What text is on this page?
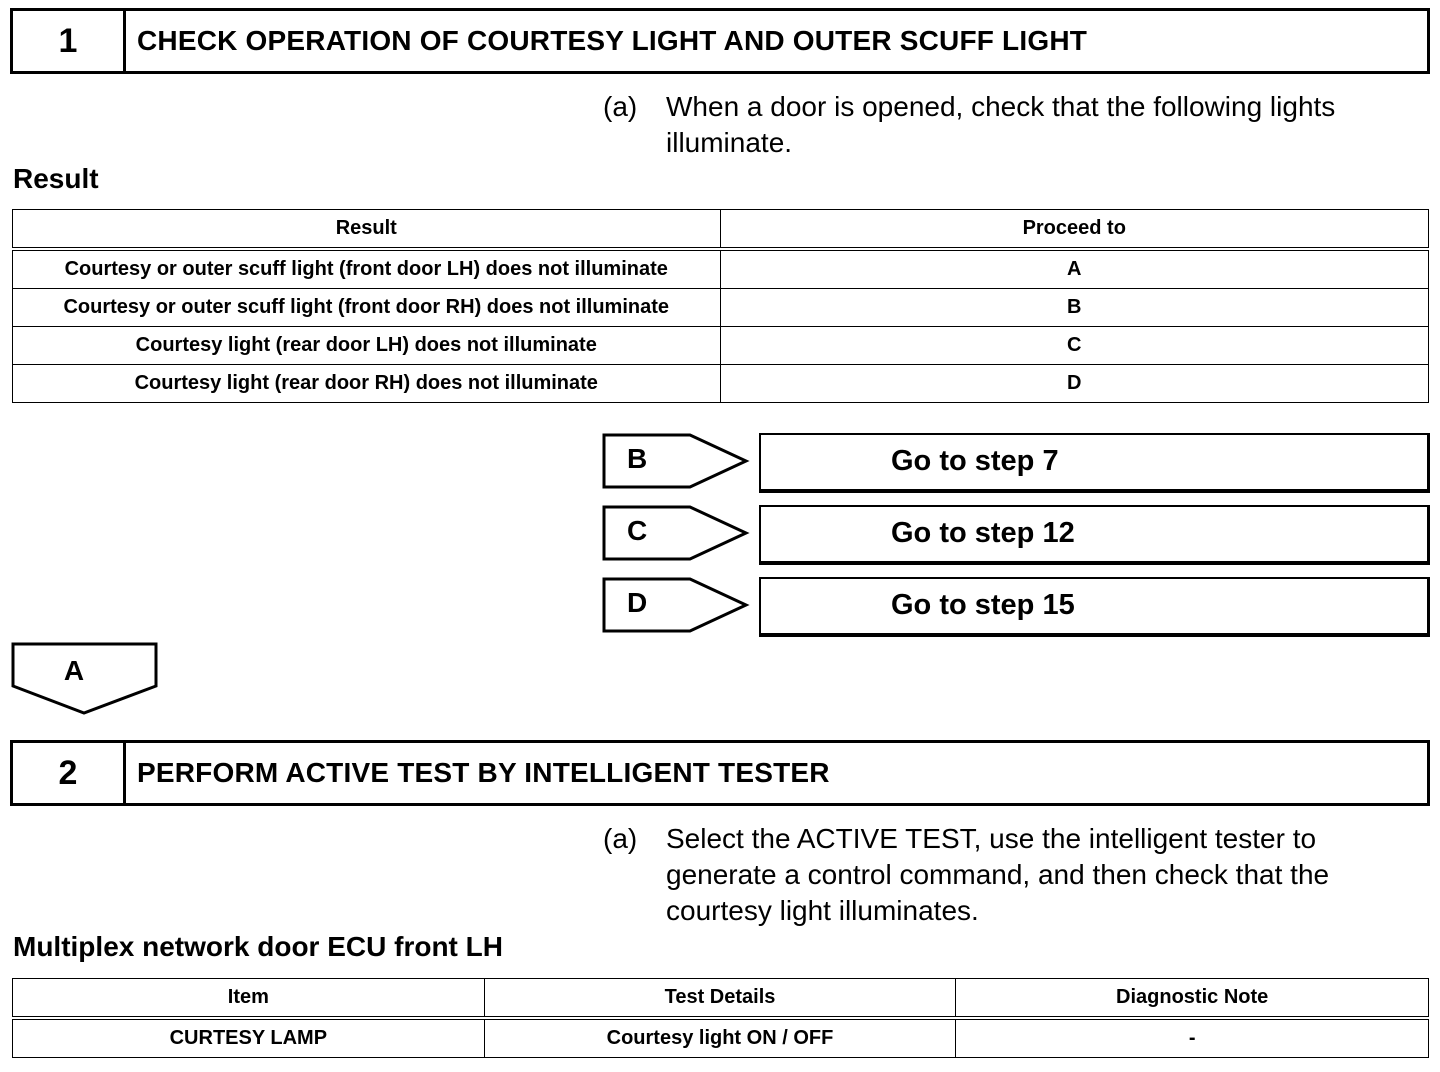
1	CHECK OPERATION OF COURTESY LIGHT AND OUTER SCUFF LIGHT
(a)	When a door is opened, check that the following lights illuminate.
Result
Result	Proceed to
Courtesy or outer scuff light (front door LH) does not illuminate	A
Courtesy or outer scuff light (front door RH) does not illuminate	B
Courtesy light (rear door LH) does not illuminate	C
Courtesy light (rear door RH) does not illuminate	D
B	Go to step 7
C	Go to step 12
D	Go to step 15
A
2	PERFORM ACTIVE TEST BY INTELLIGENT TESTER
(a)	Select the ACTIVE TEST, use the intelligent tester to generate a control command, and then check that the courtesy light illuminates.
Multiplex network door ECU front LH
Item	Test Details	Diagnostic Note
CURTESY LAMP	Courtesy light ON / OFF	-
